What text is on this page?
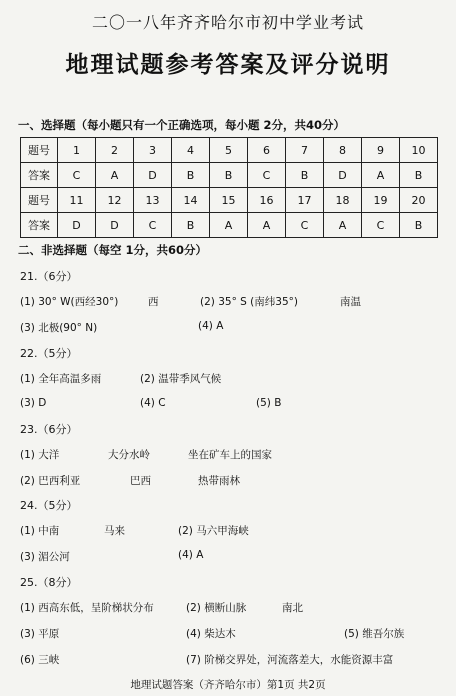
二〇一八年齐齐哈尔市初中学业考试
地理试题参考答案及评分说明
一、选择题（每小题只有一个正确选项，每小题 2分，共40分）
题号	1	2	3	4	5	6	7	8	9	10
答案	C	A	D	B	B	C	B	D	A	B
题号	11	12	13	14	15	16	17	18	19	20
答案	D	D	C	B	A	A	C	A	C	B
二、非选择题（每空 1分，共60分）
21.（6分）
(1) 30° W(西经30°)	西	(2) 35° S (南纬35°)	南温
(3) 北极(90° N)	(4) A
22.（5分）
(1) 全年高温多雨	(2) 温带季风气候
(3) D	(4) C	(5) B
23.（6分）
(1) 大洋	大分水岭	坐在矿车上的国家
(2) 巴西利亚	巴西	热带雨林
24.（5分）
(1) 中南	马来	(2) 马六甲海峡
(3) 湄公河	(4) A
25.（8分）
(1) 西高东低，呈阶梯状分布	(2) 横断山脉	南北
(3) 平原	(4) 柴达木	(5) 维吾尔族
(6) 三峡	(7) 阶梯交界处，河流落差大，水能资源丰富
地理试题答案（齐齐哈尔市）第1页 共2页
